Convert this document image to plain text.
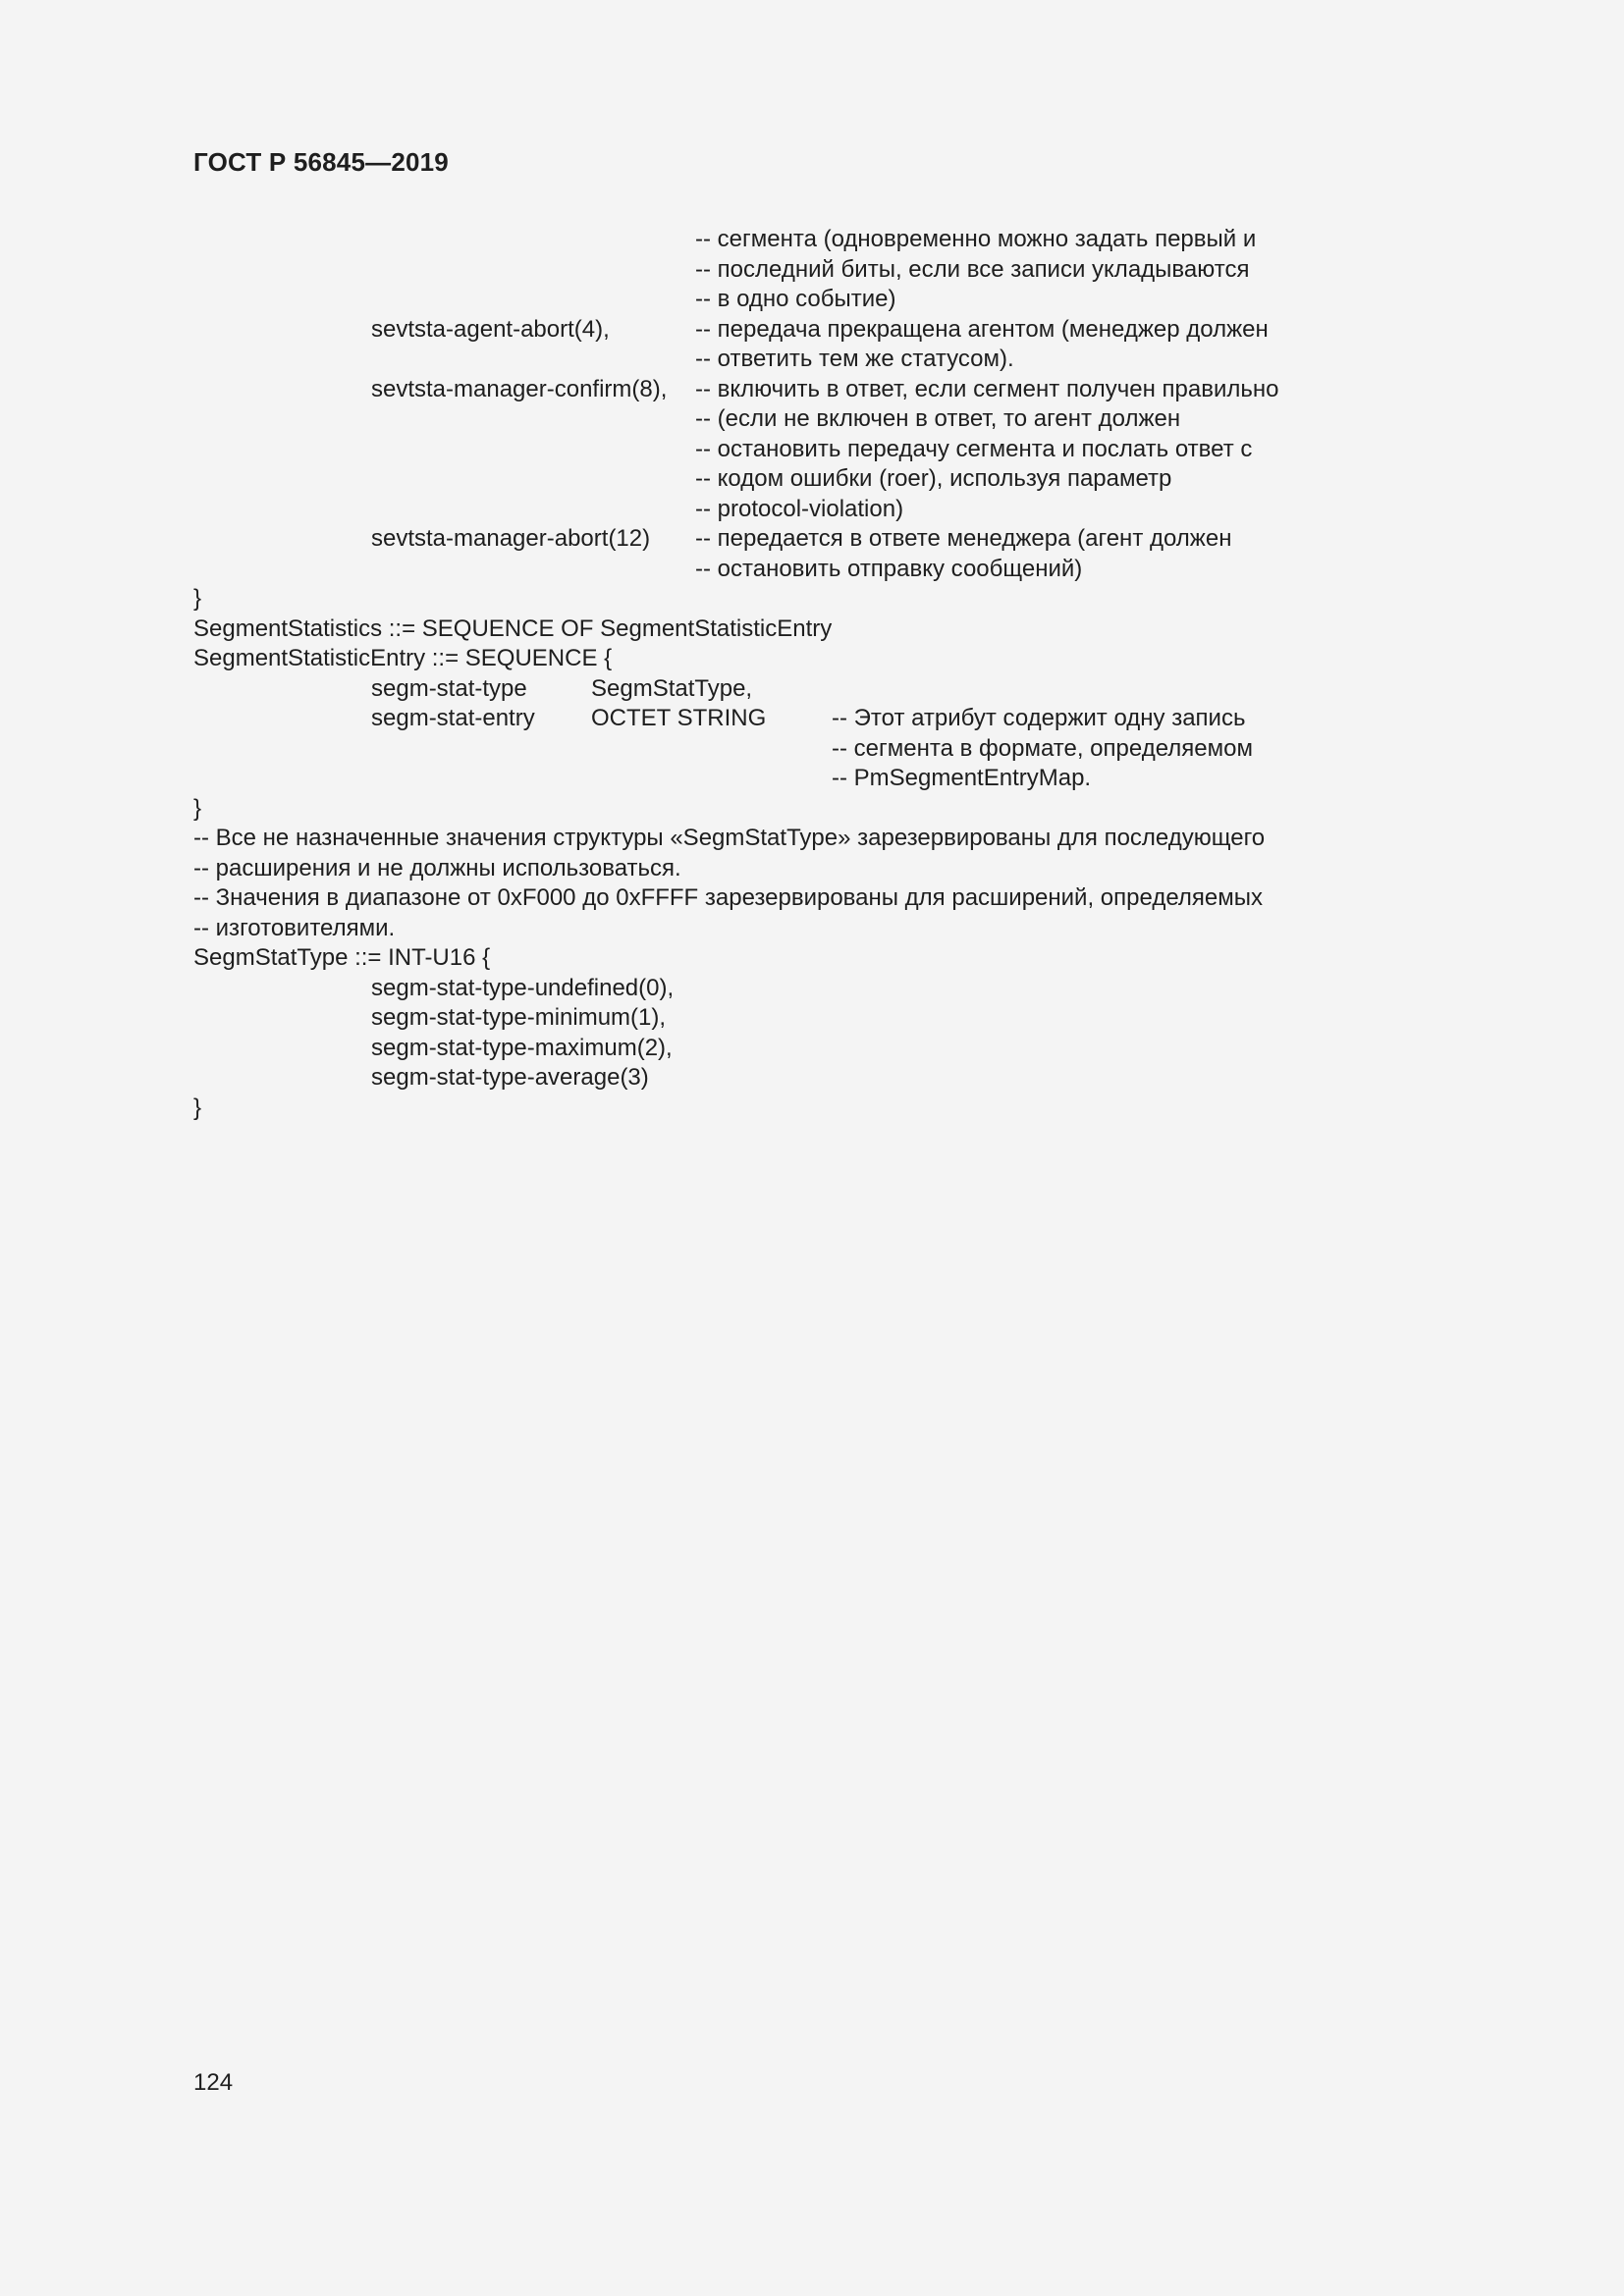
ГОСТ Р 56845—2019
-- сегмента (одновременно можно задать первый и
-- последний биты, если все записи укладываются
-- в одно событие)
sevtsta-agent-abort(4),	-- передача прекращена агентом (менеджер должен
-- ответить тем же статусом).
sevtsta-manager-confirm(8), -- включить в ответ, если сегмент получен правильно
-- (если не включен в ответ, то агент должен
-- остановить передачу сегмента и послать ответ с
-- кодом ошибки (roer), используя параметр
-- protocol-violation)
sevtsta-manager-abort(12) -- передается в ответе менеджера (агент должен
-- остановить отправку сообщений)
}
SegmentStatistics ::= SEQUENCE OF SegmentStatisticEntry
SegmentStatisticEntry ::= SEQUENCE {
segm-stat-type	SegmStatType,
segm-stat-entry OCTET STRING	-- Этот атрибут содержит одну запись
-- сегмента в формате, определяемом
-- PmSegmentEntryMap.
}
-- Все не назначенные значения структуры «SegmStatType» зарезервированы для последующего
-- расширения и не должны использоваться.
-- Значения в диапазоне от 0xF000 до 0xFFFF зарезервированы для расширений, определяемых
-- изготовителями.
SegmStatType ::= INT-U16 {
segm-stat-type-undefined(0),
segm-stat-type-minimum(1),
segm-stat-type-maximum(2),
segm-stat-type-average(3)
}
124
